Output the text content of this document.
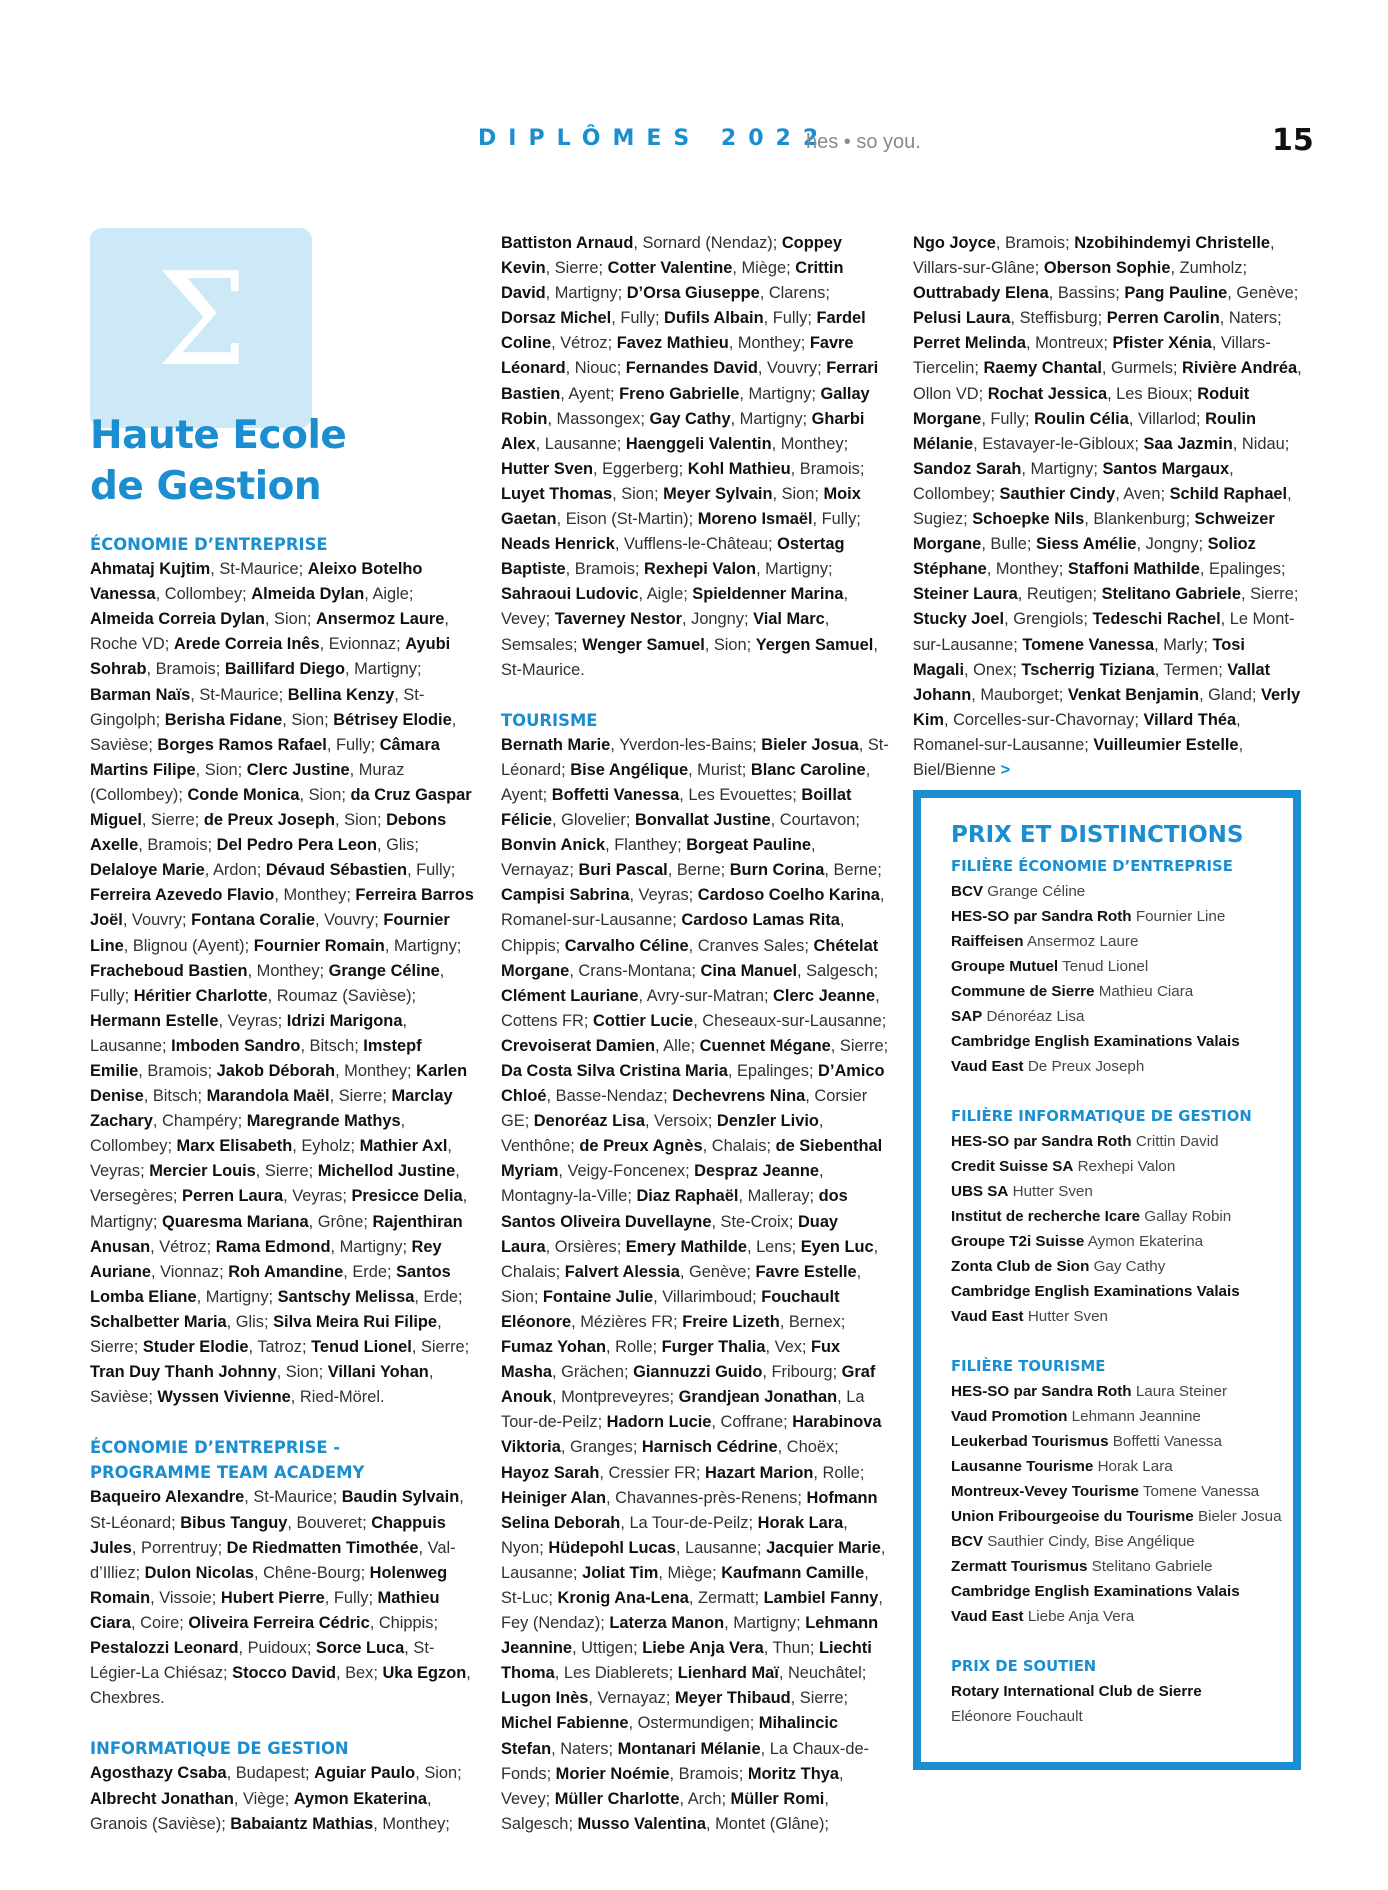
DIPLÔMES 2022
hes • so you.	15
Σ
Haute Ecole
de Gestion
ÉCONOMIE D’ENTREPRISE

Ahmataj Kujtim, St-Maurice; Aleixo Botelho Vanessa, Collombey; Almeida Dylan, Aigle; Almeida Correia Dylan, Sion; Ansermoz Laure, Roche VD; Arede Correia Inês, Evionnaz; Ayubi Sohrab, Bramois; Baillifard Diego, Martigny; Barman Naïs, St-Maurice; Bellina Kenzy, St-Gingolph; Berisha Fidane, Sion; Bétrisey Elodie, Savièse; Borges Ramos Rafael, Fully; Câmara Martins Filipe, Sion; Clerc Justine, Muraz (Collombey); Conde Monica, Sion; da Cruz Gaspar Miguel, Sierre; de Preux Joseph, Sion; Debons Axelle, Bramois; Del Pedro Pera Leon, Glis; Delaloye Marie, Ardon; Dévaud Sébastien, Fully; Ferreira Azevedo Flavio, Monthey; Ferreira Barros Joël, Vouvry; Fontana Coralie, Vouvry; Fournier Line, Blignou (Ayent); Fournier Romain, Martigny; Fracheboud Bastien, Monthey; Grange Céline, Fully; Héritier Charlotte, Roumaz (Savièse); Hermann Estelle, Veyras; Idrizi Marigona, Lausanne; Imboden Sandro, Bitsch; Imstepf Emilie, Bramois; Jakob Déborah, Monthey; Karlen Denise, Bitsch; Marandola Maël, Sierre; Marclay Zachary, Champéry; Maregrande Mathys, Collombey; Marx Elisabeth, Eyholz; Mathier Axl, Veyras; Mercier Louis, Sierre; Michellod Justine, Versegères; Perren Laura, Veyras; Presicce Delia, Martigny; Quaresma Mariana, Grône; Rajenthiran Anusan, Vétroz; Rama Edmond, Martigny; Rey Auriane, Vionnaz; Roh Amandine, Erde; Santos Lomba Eliane, Martigny; Santschy Melissa, Erde; Schalbetter Maria, Glis; Silva Meira Rui Filipe, Sierre; Studer Elodie, Tatroz; Tenud Lionel, Sierre; Tran Duy Thanh Johnny, Sion; Villani Yohan, Savièse; Wyssen Vivienne, Ried-Mörel.

ÉCONOMIE D’ENTREPRISE -
PROGRAMME TEAM ACADEMY

Baqueiro Alexandre, St-Maurice; Baudin Sylvain, St-Léonard; Bibus Tanguy, Bouveret; Chappuis Jules, Porrentruy; De Riedmatten Timothée, Val-d’Illiez; Dulon Nicolas, Chêne-Bourg; Holenweg Romain, Vissoie; Hubert Pierre, Fully; Mathieu Ciara, Coire; Oliveira Ferreira Cédric, Chippis; Pestalozzi Leonard, Puidoux; Sorce Luca, St-Légier-La Chiésaz; Stocco David, Bex; Uka Egzon, Chexbres.

INFORMATIQUE DE GESTION

Agosthazy Csaba, Budapest; Aguiar Paulo, Sion; Albrecht Jonathan, Viège; Aymon Ekaterina, Granois (Savièse); Babaiantz Mathias, Monthey;

Battiston Arnaud, Sornard (Nendaz); Coppey Kevin, Sierre; Cotter Valentine, Miège; Crittin David, Martigny; D’Orsa Giuseppe, Clarens; Dorsaz Michel, Fully; Dufils Albain, Fully; Fardel Coline, Vétroz; Favez Mathieu, Monthey; Favre Léonard, Niouc; Fernandes David, Vouvry; Ferrari Bastien, Ayent; Freno Gabrielle, Martigny; Gallay Robin, Massongex; Gay Cathy, Martigny; Gharbi Alex, Lausanne; Haenggeli Valentin, Monthey; Hutter Sven, Eggerberg; Kohl Mathieu, Bramois; Luyet Thomas, Sion; Meyer Sylvain, Sion; Moix Gaetan, Eison (St-Martin); Moreno Ismaël, Fully; Neads Henrick, Vufflens-le-Château; Ostertag Baptiste, Bramois; Rexhepi Valon, Martigny; Sahraoui Ludovic, Aigle; Spieldenner Marina, Vevey; Taverney Nestor, Jongny; Vial Marc, Semsales; Wenger Samuel, Sion; Yergen Samuel, St-Maurice.

TOURISME

Bernath Marie, Yverdon-les-Bains; Bieler Josua, St-Léonard; Bise Angélique, Murist; Blanc Caroline, Ayent; Boffetti Vanessa, Les Evouettes; Boillat Félicie, Glovelier; Bonvallat Justine, Courtavon; Bonvin Anick, Flanthey; Borgeat Pauline, Vernayaz; Buri Pascal, Berne; Burn Corina, Berne; Campisi Sabrina, Veyras; Cardoso Coelho Karina, Romanel-sur-Lausanne; Cardoso Lamas Rita, Chippis; Carvalho Céline, Cranves Sales; Chételat Morgane, Crans-Montana; Cina Manuel, Salgesch; Clément Lauriane, Avry-sur-Matran; Clerc Jeanne, Cottens FR; Cottier Lucie, Cheseaux-sur-Lausanne; Crevoiserat Damien, Alle; Cuennet Mégane, Sierre; Da Costa Silva Cristina Maria, Epalinges; D’Amico Chloé, Basse-Nendaz; Dechevrens Nina, Corsier GE; Denoréaz Lisa, Versoix; Denzler Livio, Venthône; de Preux Agnès, Chalais; de Siebenthal Myriam, Veigy-Foncenex; Despraz Jeanne, Montagny-la-Ville; Diaz Raphaël, Malleray; dos Santos Oliveira Duvellayne, Ste-Croix; Duay Laura, Orsières; Emery Mathilde, Lens; Eyen Luc, Chalais; Falvert Alessia, Genève; Favre Estelle, Sion; Fontaine Julie, Villarimboud; Fouchault Eléonore, Mézières FR; Freire Lizeth, Bernex; Fumaz Yohan, Rolle; Furger Thalia, Vex; Fux Masha, Grächen; Giannuzzi Guido, Fribourg; Graf Anouk, Montpreveyres; Grandjean Jonathan, La Tour-de-Peilz; Hadorn Lucie, Coffrane; Harabinova Viktoria, Granges; Harnisch Cédrine, Choëx; Hayoz Sarah, Cressier FR; Hazart Marion, Rolle; Heiniger Alan, Chavannes-près-Renens; Hofmann Selina Deborah, La Tour-de-Peilz; Horak Lara, Nyon; Hüdepohl Lucas, Lausanne; Jacquier Marie, Lausanne; Joliat Tim, Miège; Kaufmann Camille, St-Luc; Kronig Ana-Lena, Zermatt; Lambiel Fanny, Fey (Nendaz); Laterza Manon, Martigny; Lehmann Jeannine, Uttigen; Liebe Anja Vera, Thun; Liechti Thoma, Les Diablerets; Lienhard Maï, Neuchâtel; Lugon Inès, Vernayaz; Meyer Thibaud, Sierre; Michel Fabienne, Ostermundigen; Mihalincic Stefan, Naters; Montanari Mélanie, La Chaux-de-Fonds; Morier Noémie, Bramois; Moritz Thya, Vevey; Müller Charlotte, Arch; Müller Romi, Salgesch; Musso Valentina, Montet (Glâne);

Ngo Joyce, Bramois; Nzobihindemyi Christelle, Villars-sur-Glâne; Oberson Sophie, Zumholz; Outtrabady Elena, Bassins; Pang Pauline, Genève; Pelusi Laura, Steffisburg; Perren Carolin, Naters; Perret Melinda, Montreux; Pfister Xénia, Villars-Tiercelin; Raemy Chantal, Gurmels; Rivière Andréa, Ollon VD; Rochat Jessica, Les Bioux; Roduit Morgane, Fully; Roulin Célia, Villarlod; Roulin Mélanie, Estavayer-le-Gibloux; Saa Jazmin, Nidau; Sandoz Sarah, Martigny; Santos Margaux, Collombey; Sauthier Cindy, Aven; Schild Raphael, Sugiez; Schoepke Nils, Blankenburg; Schweizer Morgane, Bulle; Siess Amélie, Jongny; Solioz Stéphane, Monthey; Staffoni Mathilde, Epalinges; Steiner Laura, Reutigen; Stelitano Gabriele, Sierre; Stucky Joel, Grengiols; Tedeschi Rachel, Le Mont-sur-Lausanne; Tomene Vanessa, Marly; Tosi Magali, Onex; Tscherrig Tiziana, Termen; Vallat Johann, Mauborget; Venkat Benjamin, Gland; Verly Kim, Corcelles-sur-Chavornay; Villard Théa, Romanel-sur-Lausanne; Vuilleumier Estelle, Biel/Bienne >

PRIX ET DISTINCTIONS
FILIÈRE ÉCONOMIE D’ENTREPRISE
BCV Grange Céline
HES-SO par Sandra Roth Fournier Line
Raiffeisen Ansermoz Laure
Groupe Mutuel Tenud Lionel
Commune de Sierre Mathieu Ciara
SAP Dénoréaz Lisa
Cambridge English Examinations Valais
Vaud East De Preux Joseph
FILIÈRE INFORMATIQUE DE GESTION
HES-SO par Sandra Roth Crittin David
Credit Suisse SA Rexhepi Valon
UBS SA Hutter Sven
Institut de recherche Icare Gallay Robin
Groupe T2i Suisse Aymon Ekaterina
Zonta Club de Sion Gay Cathy
Cambridge English Examinations Valais
Vaud East Hutter Sven
FILIÈRE TOURISME
HES-SO par Sandra Roth Laura Steiner
Vaud Promotion Lehmann Jeannine
Leukerbad Tourismus Boffetti Vanessa
Lausanne Tourisme Horak Lara
Montreux-Vevey Tourisme Tomene Vanessa
Union Fribourgeoise du Tourisme Bieler Josua
BCV Sauthier Cindy, Bise Angélique
Zermatt Tourismus Stelitano Gabriele
Cambridge English Examinations Valais
Vaud East Liebe Anja Vera
PRIX DE SOUTIEN
Rotary International Club de Sierre
Eléonore Fouchault
